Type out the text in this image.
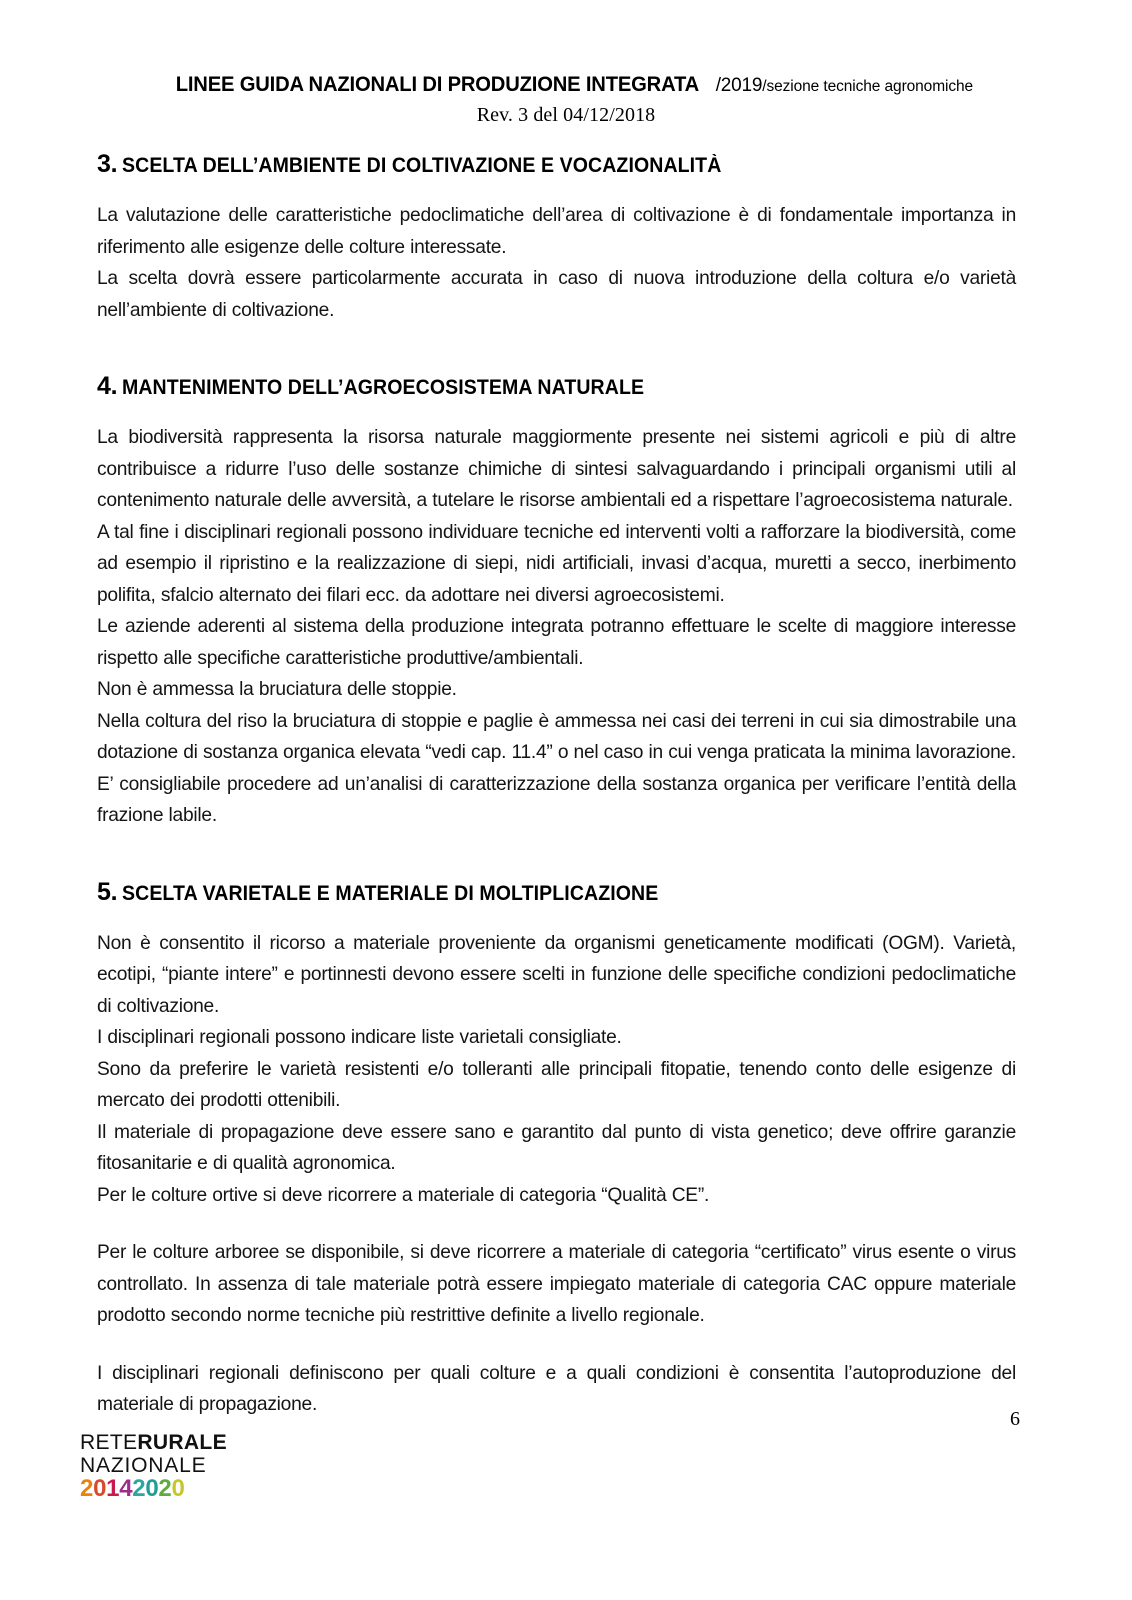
LINEE GUIDA NAZIONALI DI PRODUZIONE INTEGRATA /2019/sezione tecniche agronomiche
Rev. 3 del 04/12/2018
3. SCELTA DELL’AMBIENTE DI COLTIVAZIONE E VOCAZIONALITÀ

La valutazione delle caratteristiche pedoclimatiche dell’area di coltivazione è di fondamentale importanza in riferimento alle esigenze delle colture interessate.

La scelta dovrà essere particolarmente accurata in caso di nuova introduzione della coltura e/o varietà nell’ambiente di coltivazione.

4. MANTENIMENTO DELL’AGROECOSISTEMA NATURALE

La biodiversità rappresenta la risorsa naturale maggiormente presente nei sistemi agricoli e più di altre contribuisce a ridurre l’uso delle sostanze chimiche di sintesi salvaguardando i principali organismi utili al contenimento naturale delle avversità, a tutelare le risorse ambientali ed a rispettare l’agroecosistema naturale.

A tal fine i disciplinari regionali possono individuare tecniche ed interventi volti a rafforzare la biodiversità, come ad esempio il ripristino e la realizzazione di siepi, nidi artificiali, invasi d’acqua, muretti a secco, inerbimento polifita, sfalcio alternato dei filari ecc. da adottare nei diversi agroecosistemi.

Le aziende aderenti al sistema della produzione integrata potranno effettuare le scelte di maggiore interesse rispetto alle specifiche caratteristiche produttive/ambientali.

Non è ammessa la bruciatura delle stoppie.

Nella coltura del riso la bruciatura di stoppie e paglie è ammessa nei casi dei terreni in cui sia dimostrabile una dotazione di sostanza organica elevata “vedi cap. 11.4” o nel caso in cui venga praticata la minima lavorazione. E’ consigliabile procedere ad un’analisi di caratterizzazione della sostanza organica per verificare l’entità della frazione labile.

5. SCELTA VARIETALE E MATERIALE DI MOLTIPLICAZIONE

Non è consentito il ricorso a materiale proveniente da organismi geneticamente modificati (OGM). Varietà, ecotipi, “piante intere” e portinnesti devono essere scelti in funzione delle specifiche condizioni pedoclimatiche di coltivazione.

I disciplinari regionali possono indicare liste varietali consigliate.

Sono da preferire le varietà resistenti e/o tolleranti alle principali fitopatie, tenendo conto delle esigenze di mercato dei prodotti ottenibili.

Il materiale di propagazione deve essere sano e garantito dal punto di vista genetico; deve offrire garanzie fitosanitarie e di qualità agronomica.

Per le colture ortive si deve ricorrere a materiale di categoria “Qualità CE”.

Per le colture arboree se disponibile, si deve ricorrere a materiale di categoria “certificato” virus esente o virus controllato. In assenza di tale materiale potrà essere impiegato materiale di categoria CAC oppure materiale prodotto secondo norme tecniche più restrittive definite a livello regionale.

I disciplinari regionali definiscono per quali colture e a quali condizioni è consentita l’autoproduzione del materiale di propagazione.

6
RETERURALE
NAZIONALE
20142020
